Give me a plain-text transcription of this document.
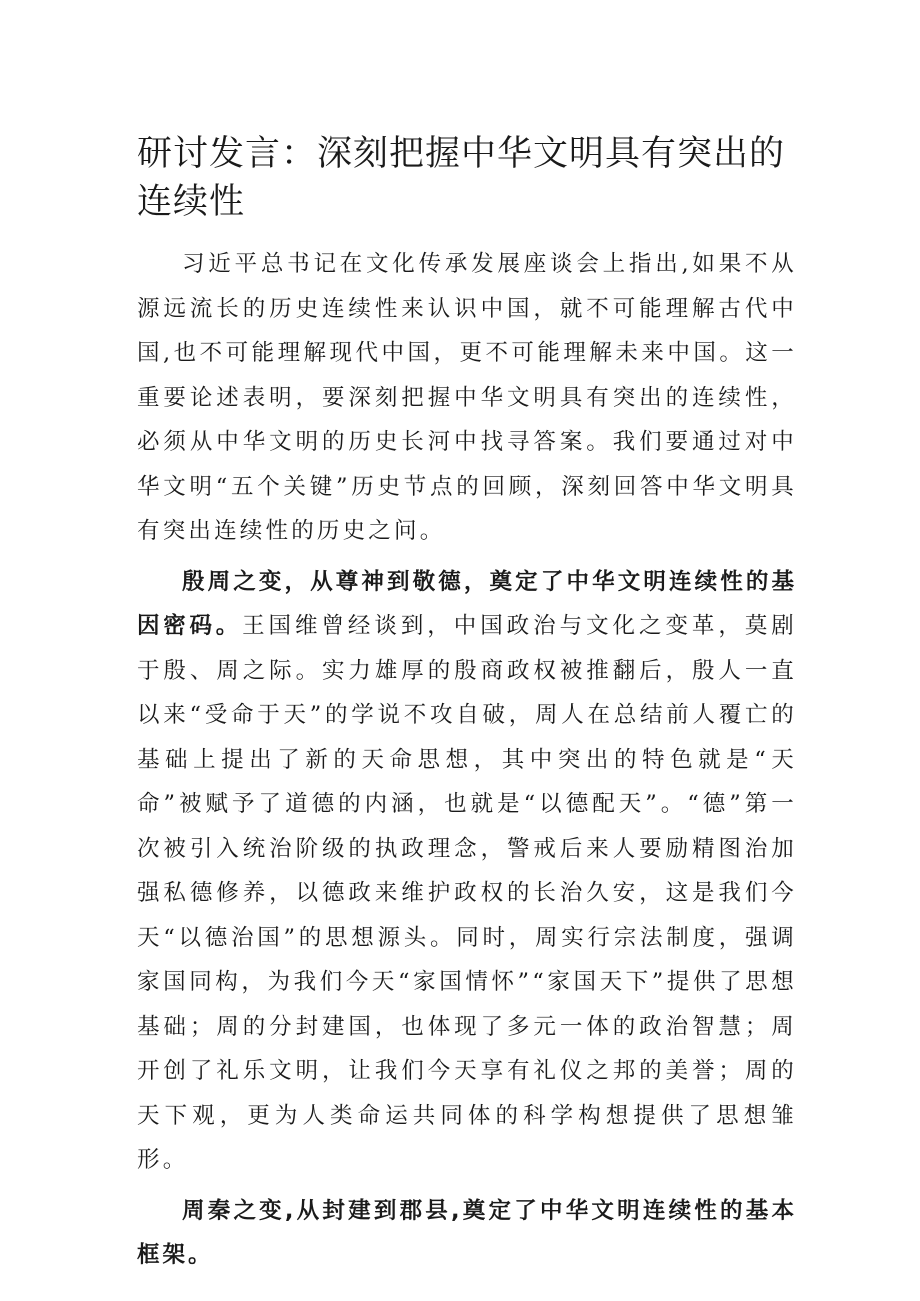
研讨发言：深刻把握中华文明具有突出的连续性

习近平总书记在文化传承发展座谈会上指出,如果不从源远流长的历史连续性来认识中国，就不可能理解古代中国,也不可能理解现代中国，更不可能理解未来中国。这一重要论述表明，要深刻把握中华文明具有突出的连续性，必须从中华文明的历史长河中找寻答案。我们要通过对中华文明“五个关键”历史节点的回顾，深刻回答中华文明具有突出连续性的历史之问。

殷周之变，从尊神到敬德，奠定了中华文明连续性的基因密码。王国维曾经谈到，中国政治与文化之变革，莫剧于殷、周之际。实力雄厚的殷商政权被推翻后，殷人一直以来“受命于天”的学说不攻自破，周人在总结前人覆亡的基础上提出了新的天命思想，其中突出的特色就是“天命”被赋予了道德的内涵，也就是“以德配天”。“德”第一次被引入统治阶级的执政理念，警戒后来人要励精图治加强私德修养，以德政来维护政权的长治久安，这是我们今天“以德治国”的思想源头。同时，周实行宗法制度，强调家国同构，为我们今天“家国情怀”“家国天下”提供了思想基础；周的分封建国，也体现了多元一体的政治智慧；周开创了礼乐文明，让我们今天享有礼仪之邦的美誉；周的天下观，更为人类命运共同体的科学构想提供了思想雏形。

周秦之变,从封建到郡县,奠定了中华文明连续性的基本框架。
